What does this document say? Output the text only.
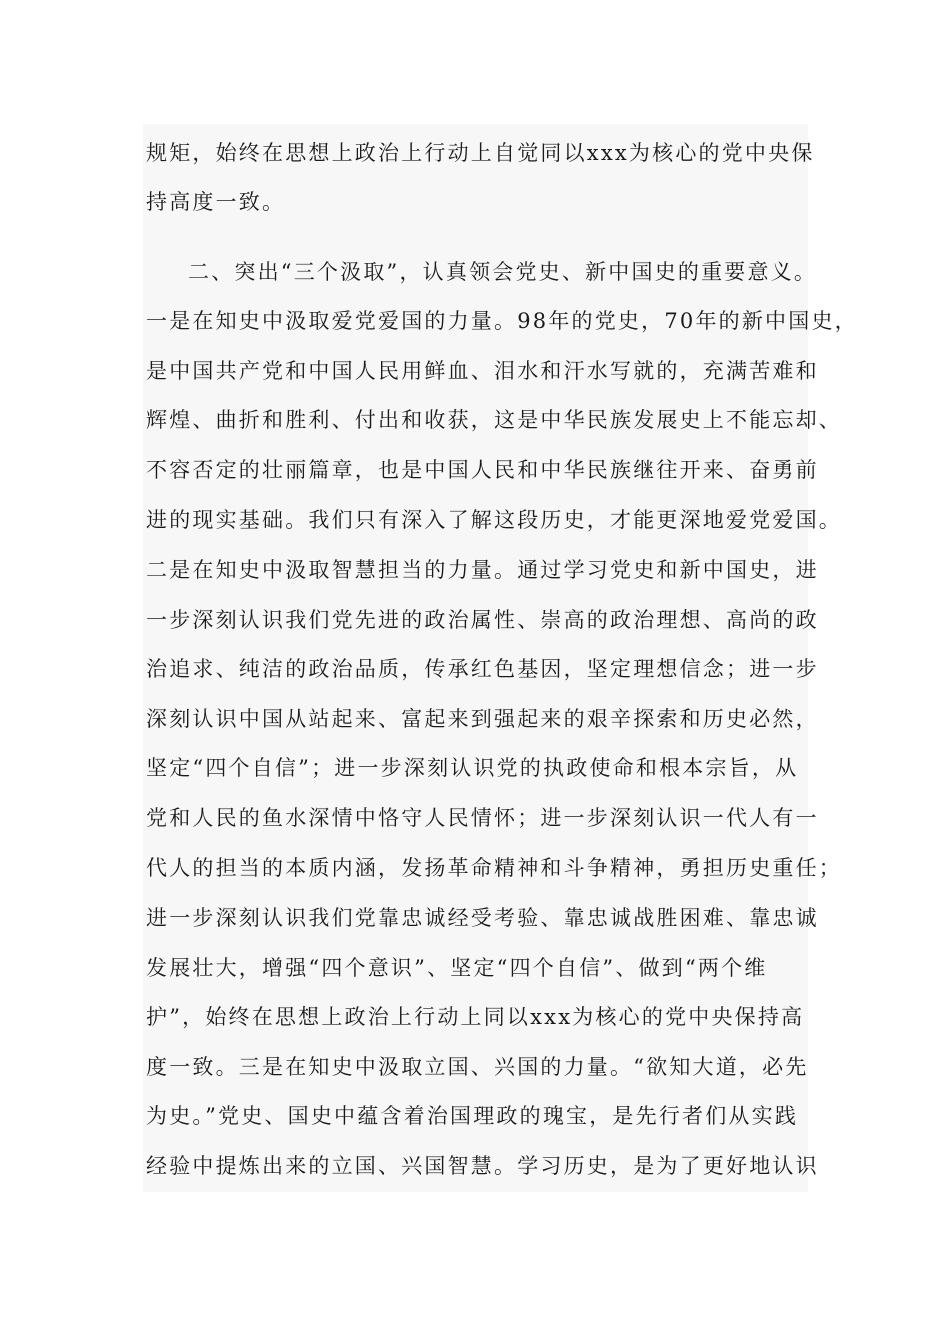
规矩，始终在思想上政治上行动上自觉同以xxx为核心的党中央保
持高度一致。
二、突出“三个汲取”，认真领会党史、新中国史的重要意义。
一是在知史中汲取爱党爱国的力量。98年的党史，70年的新中国史，
是中国共产党和中国人民用鲜血、泪水和汗水写就的，充满苦难和
辉煌、曲折和胜利、付出和收获，这是中华民族发展史上不能忘却、
不容否定的壮丽篇章，也是中国人民和中华民族继往开来、奋勇前
进的现实基础。我们只有深入了解这段历史，才能更深地爱党爱国。
二是在知史中汲取智慧担当的力量。通过学习党史和新中国史，进
一步深刻认识我们党先进的政治属性、崇高的政治理想、高尚的政
治追求、纯洁的政治品质，传承红色基因，坚定理想信念；进一步
深刻认识中国从站起来、富起来到强起来的艰辛探索和历史必然，
坚定“四个自信”；进一步深刻认识党的执政使命和根本宗旨，从
党和人民的鱼水深情中恪守人民情怀；进一步深刻认识一代人有一
代人的担当的本质内涵，发扬革命精神和斗争精神，勇担历史重任；
进一步深刻认识我们党靠忠诚经受考验、靠忠诚战胜困难、靠忠诚
发展壮大，增强“四个意识”、坚定“四个自信”、做到“两个维
护”，始终在思想上政治上行动上同以xxx为核心的党中央保持高
度一致。三是在知史中汲取立国、兴国的力量。“欲知大道，必先
为史。”党史、国史中蕴含着治国理政的瑰宝，是先行者们从实践
经验中提炼出来的立国、兴国智慧。学习历史，是为了更好地认识
